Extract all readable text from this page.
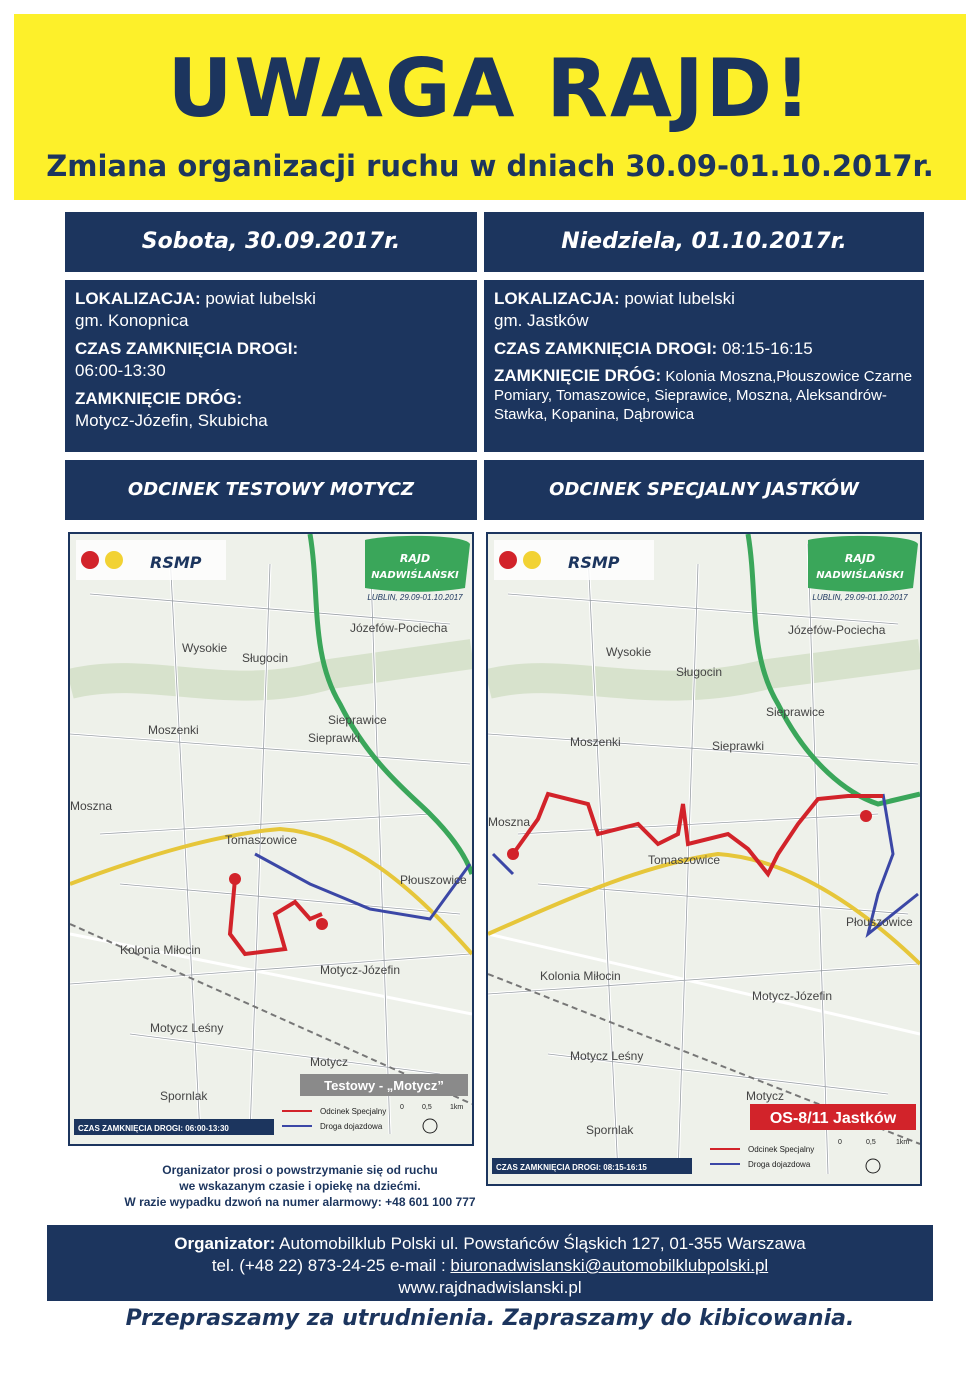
UWAGA RAJD!
Zmiana organizacji ruchu w dniach 30.09-01.10.2017r.
Sobota, 30.09.2017r.	Niedziela, 01.10.2017r.

LOKALIZACJA: powiat lubelski
gm. Konopnica

CZAS ZAMKNIĘCIA DROGI:
06:00-13:30

ZAMKNIĘCIE DRÓG:
Motycz-Józefin, Skubicha

LOKALIZACJA: powiat lubelski
gm. Jastków

CZAS ZAMKNIĘCIA DROGI: 08:15-16:15

ZAMKNIĘCIE DRÓG: Kolonia Moszna,Płouszowice Czarne Pomiary, Tomaszowice, Sieprawice, Moszna, Aleksandrów-Stawka, Kopanina, Dąbrowica

ODCINEK TESTOWY MOTYCZ	ODCINEK SPECJALNY JASTKÓW
Józefów-Pociecha
Wysokie
Sługocin
Sieprawice
Moszenki
Sieprawki
Moszna
Tomaszowice
Płouszowice
Kolonia Miłocin
Motycz-Józefin
Motycz Leśny
Motycz
Spornlak
RAJD
NADWIŚLAŃSKI
LUBLIN, 29.09-01.10.2017
RSMP
Testowy - „Motycz”
CZAS ZAMKNIĘCIA DROGI: 06:00-13:30
Odcinek Specjalny
Droga dojazdowa
0	0,5	1km
Józefów-Pociecha
Wysokie
Sługocin
Sieprawice
Moszenki	Sieprawki
Moszna
Tomaszowice
Płouszowice
Kolonia Miłocin
Motycz-Józefin
Motycz Leśny
Motycz
Spornlak
RAJD
NADWIŚLAŃSKI
LUBLIN, 29.09-01.10.2017
RSMP
OS-8/11 Jastków
CZAS ZAMKNIĘCIA DROGI: 08:15-16:15
Odcinek Specjalny
Droga dojazdowa
0	0,5	1km
Organizator prosi o powstrzymanie się od ruchu
we wskazanym czasie i opiekę na dziećmi.
W razie wypadku dzwoń na numer alarmowy: +48 601 100 777
Organizator: Automobilklub Polski ul. Powstańców Śląskich 127, 01-355 Warszawa
tel. (+48 22) 873-24-25 e-mail : biuronadwislanski@automobilklubpolski.pl
www.rajdnadwislanski.pl
Przepraszamy za utrudnienia. Zapraszamy do kibicowania.
